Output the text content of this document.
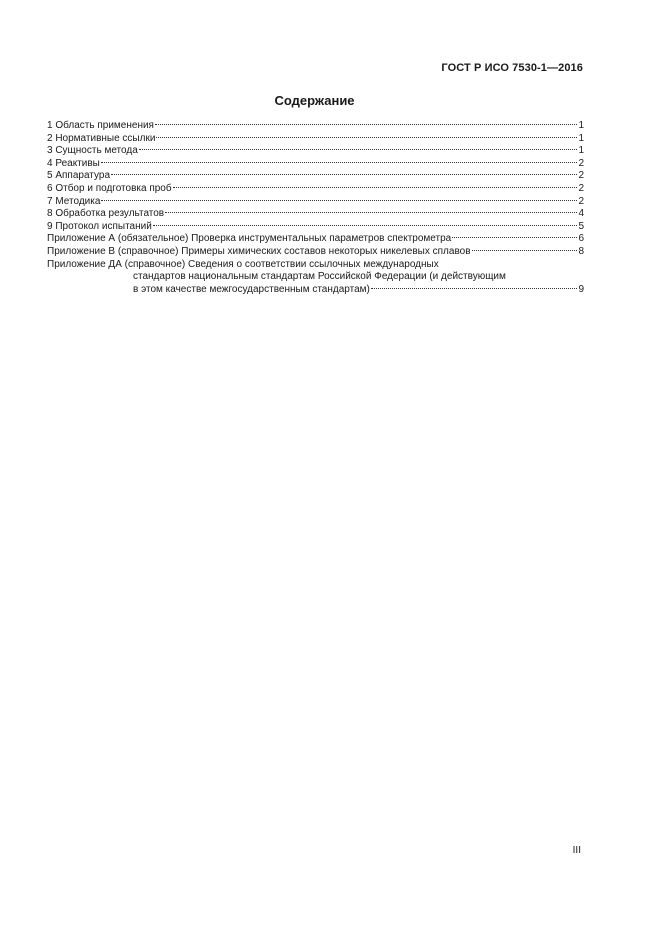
ГОСТ Р ИСО 7530-1—2016
Содержание
1 Область применения	1
2 Нормативные ссылки	1
3 Сущность метода	1
4 Реактивы	2
5 Аппаратура	2
6 Отбор и подготовка проб	2
7 Методика	2
8 Обработка результатов	4
9 Протокол испытаний	5
Приложение А (обязательное) Проверка инструментальных параметров спектрометра	6
Приложение В (справочное) Примеры химических составов некоторых никелевых сплавов	8
Приложение ДА (справочное) Сведения о соответствии ссылочных международных
стандартов национальным стандартам Российской Федерации (и действующим
в этом качестве межгосударственным стандартам)	9
III
